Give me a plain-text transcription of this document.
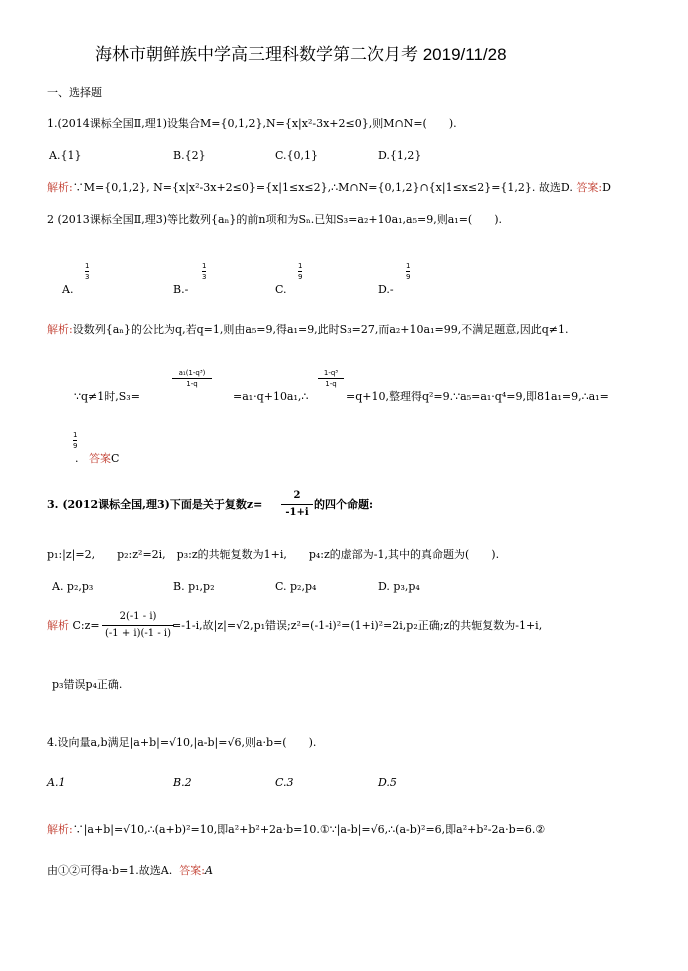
海林市朝鲜族中学高三理科数学第二次月考 2019/11/28
一、选择题
1.(2014课标全国Ⅱ,理1)设集合M={0,1,2},N={x|x²-3x+2≤0},则M∩N=(　　).
A.{1}	B.{2}	C.{0,1}	D.{1,2}
解析:∵M={0,1,2}, N={x|x²-3x+2≤0}={x|1≤x≤2},∴M∩N={0,1,2}∩{x|1≤x≤2}={1,2}. 故选D. 答案:D
2 (2013课标全国Ⅱ,理3)等比数列{aₙ}的前n项和为Sₙ.已知S₃=a₂+10a₁,a₅=9,则a₁=(　　).
1
3
1
3
1
9
1
9
A.	B.-	C.	D.-
解析:设数列{aₙ}的公比为q,若q=1,则由a₅=9,得a₁=9,此时S₃=27,而a₂+10a₁=99,不满足题意,因此q≠1.
a₁(1-q³)
1-q
1-q³
1-q
∵q≠1时,S₃=	=a₁·q+10a₁,∴	=q+10,整理得q²=9.∵a₅=a₁·q⁴=9,即81a₁=9,∴a₁=
1
9
. 答案C
3. (2012课标全国,理3)下面是关于复数z=
2
-1+i
的四个命题:
p₁:|z|=2,　　p₂:z²=2i,　p₃:z的共轭复数为1+i,　　p₄:z的虚部为-1,其中的真命题为(　　).
A. p₂,p₃	B. p₁,p₂	C. p₂,p₄	D. p₃,p₄
解析 C:z=
2(-1 - i)
(-1 + i)(-1 - i)
=-1-i,故|z|=√2,p₁错误;z²=(-1-i)²=(1+i)²=2i,p₂正确;z的共轭复数为-1+i,
p₃错误p₄正确.
4.设向量a,b满足|a+b|=√10,|a-b|=√6,则a·b=(　　).
A.1	B.2	C.3	D.5
解析:∵|a+b|=√10,∴(a+b)²=10,即a²+b²+2a·b=10.①∵|a-b|=√6,∴(a-b)²=6,即a²+b²-2a·b=6.②
由①②可得a·b=1.故选A. 答案:A
